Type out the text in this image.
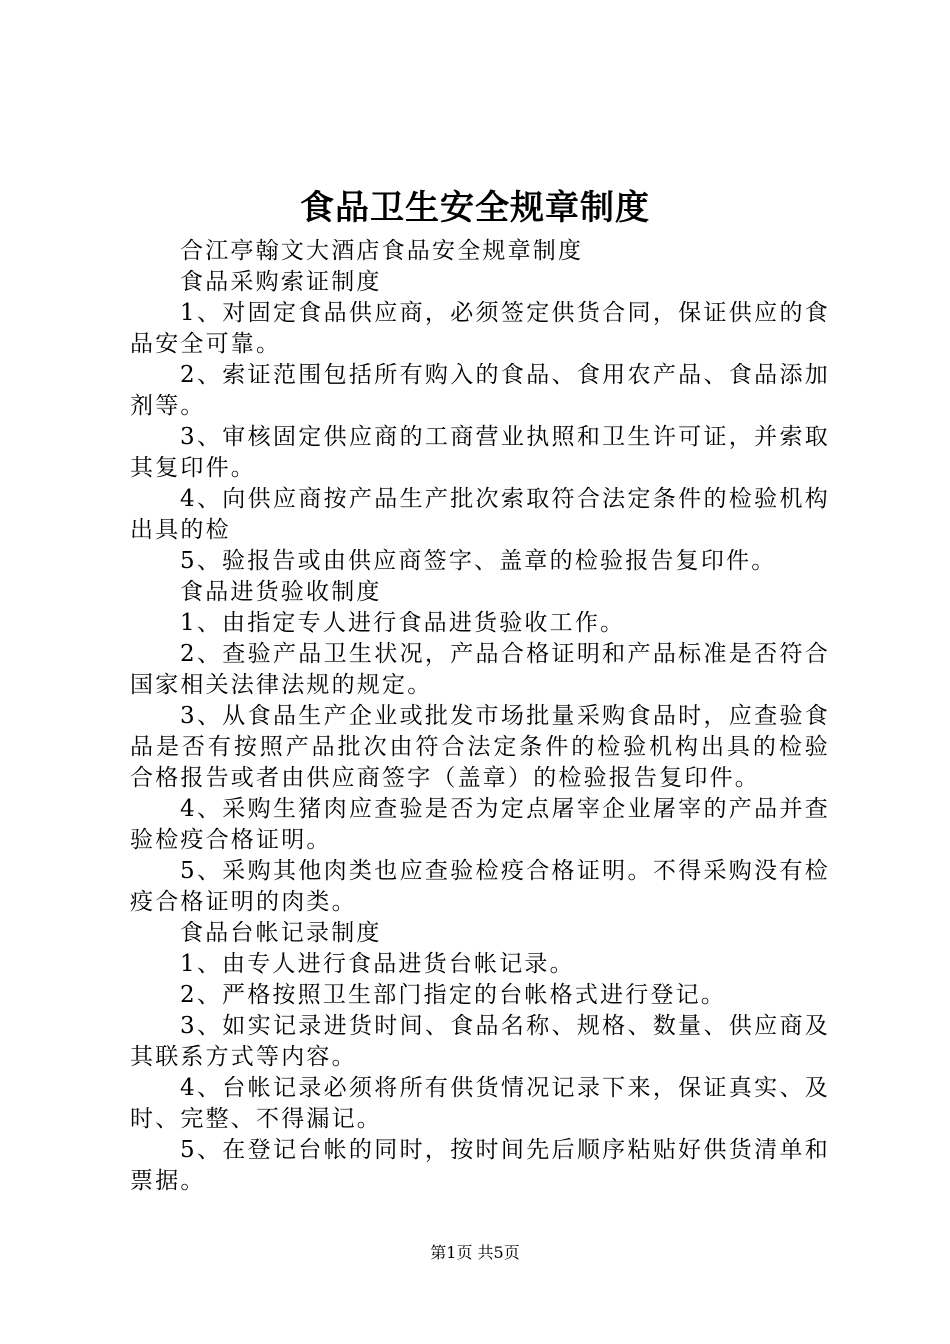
食品卫生安全规章制度

合江亭翰文大酒店食品安全规章制度

食品采购索证制度

1、对固定食品供应商，必须签定供货合同，保证供应的食品安全可靠。

2、索证范围包括所有购入的食品、食用农产品、食品添加剂等。

3、审核固定供应商的工商营业执照和卫生许可证，并索取其复印件。

4、向供应商按产品生产批次索取符合法定条件的检验机构出具的检

5、验报告或由供应商签字、盖章的检验报告复印件。

食品进货验收制度

1、由指定专人进行食品进货验收工作。

2、查验产品卫生状况，产品合格证明和产品标准是否符合国家相关法律法规的规定。

3、从食品生产企业或批发市场批量采购食品时，应查验食品是否有按照产品批次由符合法定条件的检验机构出具的检验合格报告或者由供应商签字（盖章）的检验报告复印件。

4、采购生猪肉应查验是否为定点屠宰企业屠宰的产品并查验检疫合格证明。

5、采购其他肉类也应查验检疫合格证明。不得采购没有检疫合格证明的肉类。

食品台帐记录制度

1、由专人进行食品进货台帐记录。

2、严格按照卫生部门指定的台帐格式进行登记。

3、如实记录进货时间、食品名称、规格、数量、供应商及其联系方式等内容。

4、台帐记录必须将所有供货情况记录下来，保证真实、及时、完整、不得漏记。

5、在登记台帐的同时，按时间先后顺序粘贴好供货清单和票据。

第1页 共5页
